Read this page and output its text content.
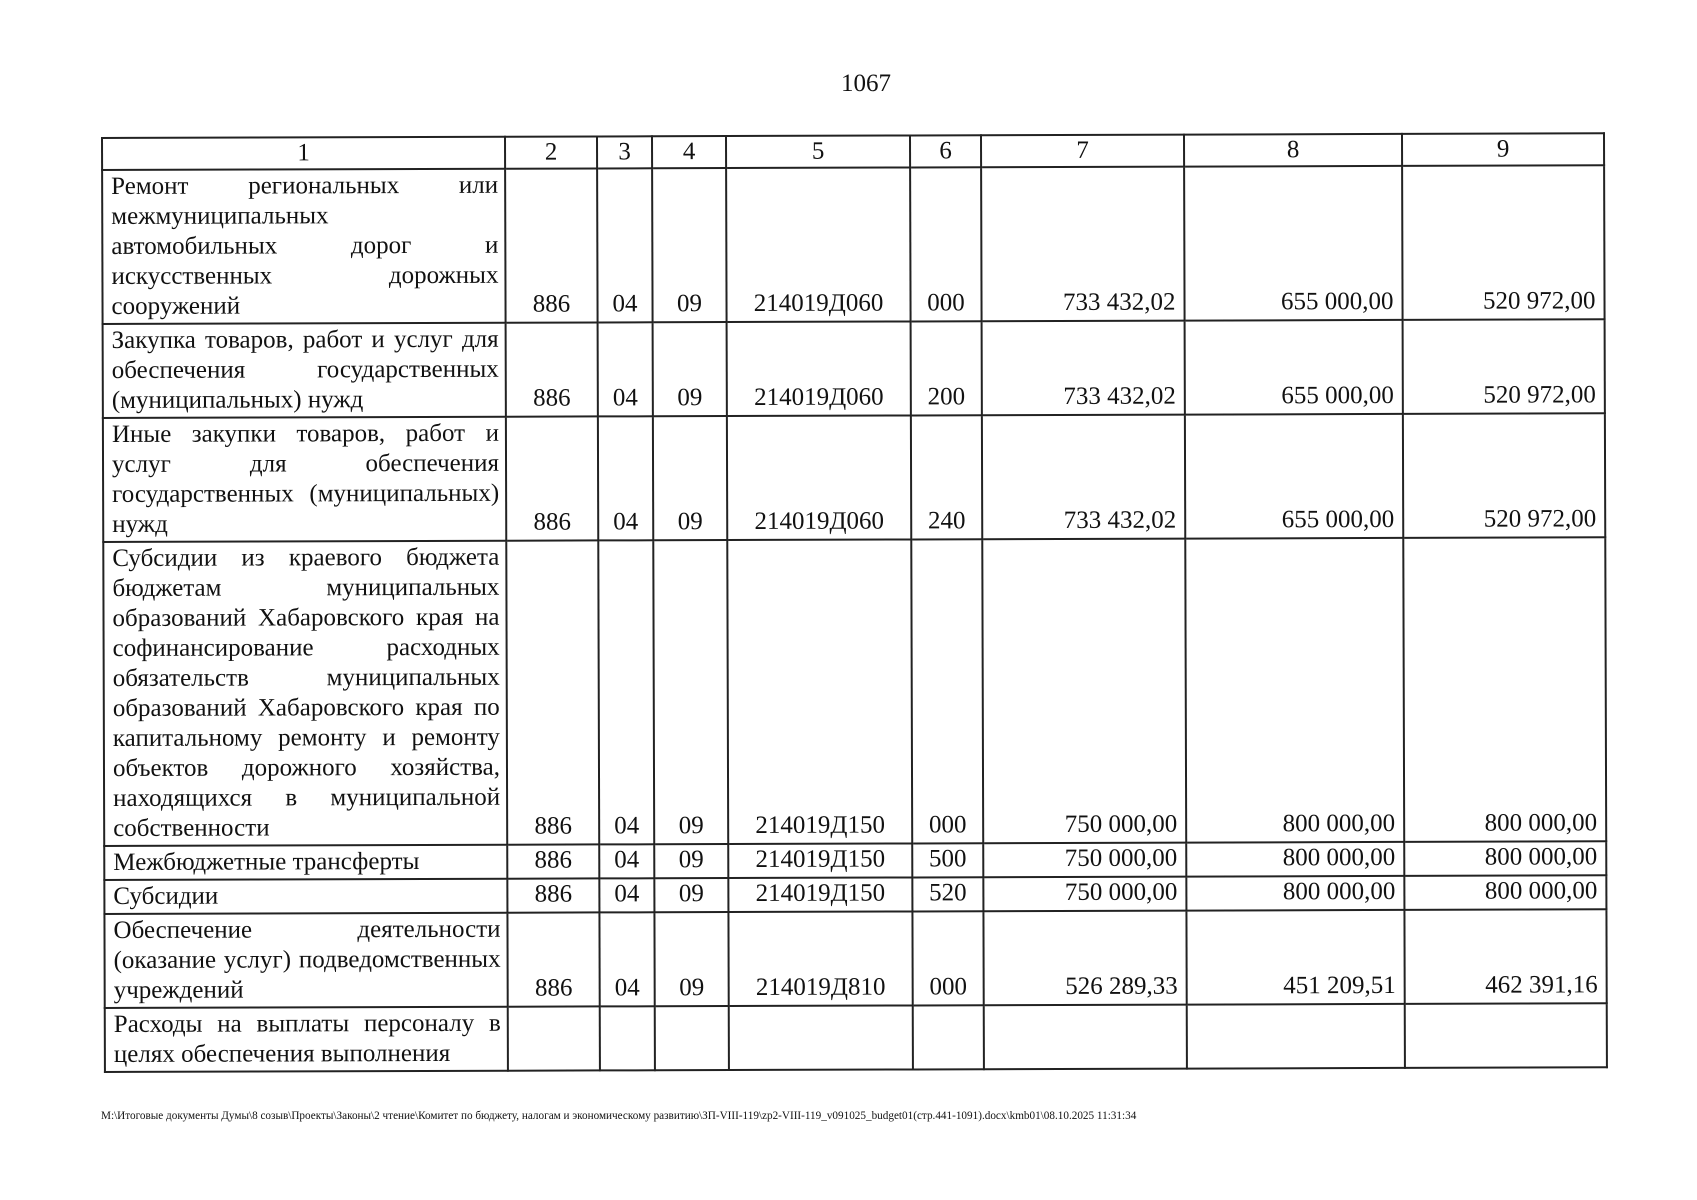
1067
1	2	3	4	5	6	7	8	9
Ремонт региональных или межмуниципальных автомобильных дорог и искусственных дорожных сооружений	886	04	09	214019Д060	000	733 432,02	655 000,00	520 972,00
Закупка товаров, работ и услуг для обеспечения государственных (муниципальных) нужд	886	04	09	214019Д060	200	733 432,02	655 000,00	520 972,00
Иные закупки товаров, работ и услуг для обеспечения государственных (муниципальных) нужд	886	04	09	214019Д060	240	733 432,02	655 000,00	520 972,00
Субсидии из краевого бюджета бюджетам муниципальных образований Хабаровского края на софинансирование расходных обязательств муниципальных образований Хабаровского края по капитальному ремонту и ремонту объектов дорожного хозяйства, находящихся в муниципальной собственности	886	04	09	214019Д150	000	750 000,00	800 000,00	800 000,00
Межбюджетные трансферты	886	04	09	214019Д150	500	750 000,00	800 000,00	800 000,00
Субсидии	886	04	09	214019Д150	520	750 000,00	800 000,00	800 000,00
Обеспечение деятельности (оказание услуг) подведомственных учреждений	886	04	09	214019Д810	000	526 289,33	451 209,51	462 391,16
Расходы на выплаты персоналу в целях обеспечения выполнения								
M:\Итоговые документы Думы\8 созыв\Проекты\Законы\2 чтение\Комитет по бюджету, налогам и экономическому развитию\ЗП-VIII-119\zp2-VIII-119_v091025_budget01(стр.441-1091).docx\kmb01\08.10.2025 11:31:34
